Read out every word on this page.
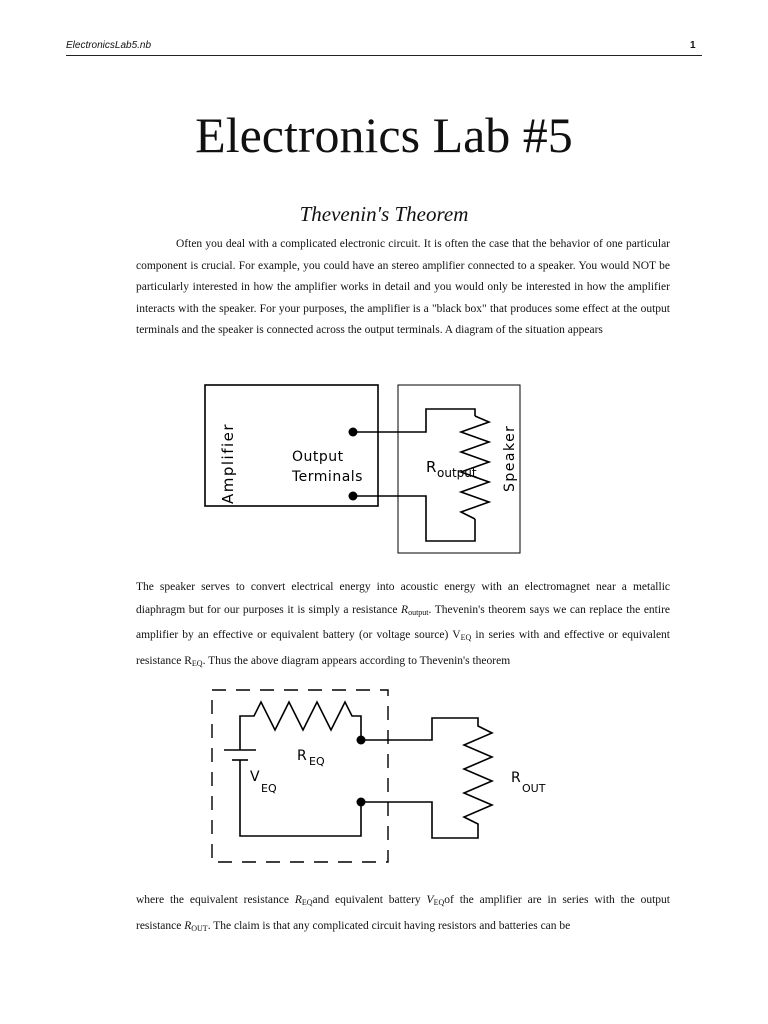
ElectronicsLab5.nb	1
Electronics Lab #5
Thevenin's Theorem

Often you deal with a complicated electronic circuit. It is often the case that the behavior of one particular component is crucial. For example, you could have an stereo amplifier connected to a speaker. You would NOT be particularly interested in how the amplifier works in detail and you would only be interested in how the amplifier interacts with the speaker. For your purposes, the amplifier is a "black box" that produces some effect at the output terminals and the speaker is connected across the output terminals. A diagram of the situation appears

Amplifier	Output
Terminals
R output Speaker

The speaker serves to convert electrical energy into acoustic energy with an electromagnet near a metallic diaphragm but for our purposes it is simply a resistance $R_{output}$. Thevenin's theorem says we can replace the entire amplifier by an effective or equivalent battery (or voltage source) $V_{EQ}$ in series with and effective or equivalent resistance $R_{EQ}$. Thus the above diagram appears according to Thevenin's theorem

R EQ
V
EQ
R
OUT

where the equivalent resistance $R_{EQ}and$ equivalent battery $V_{EQ}of$ the amplifier are in series with the output resistance $R_{OUT}$. The claim is that any complicated circuit having resistors and batteries can be
